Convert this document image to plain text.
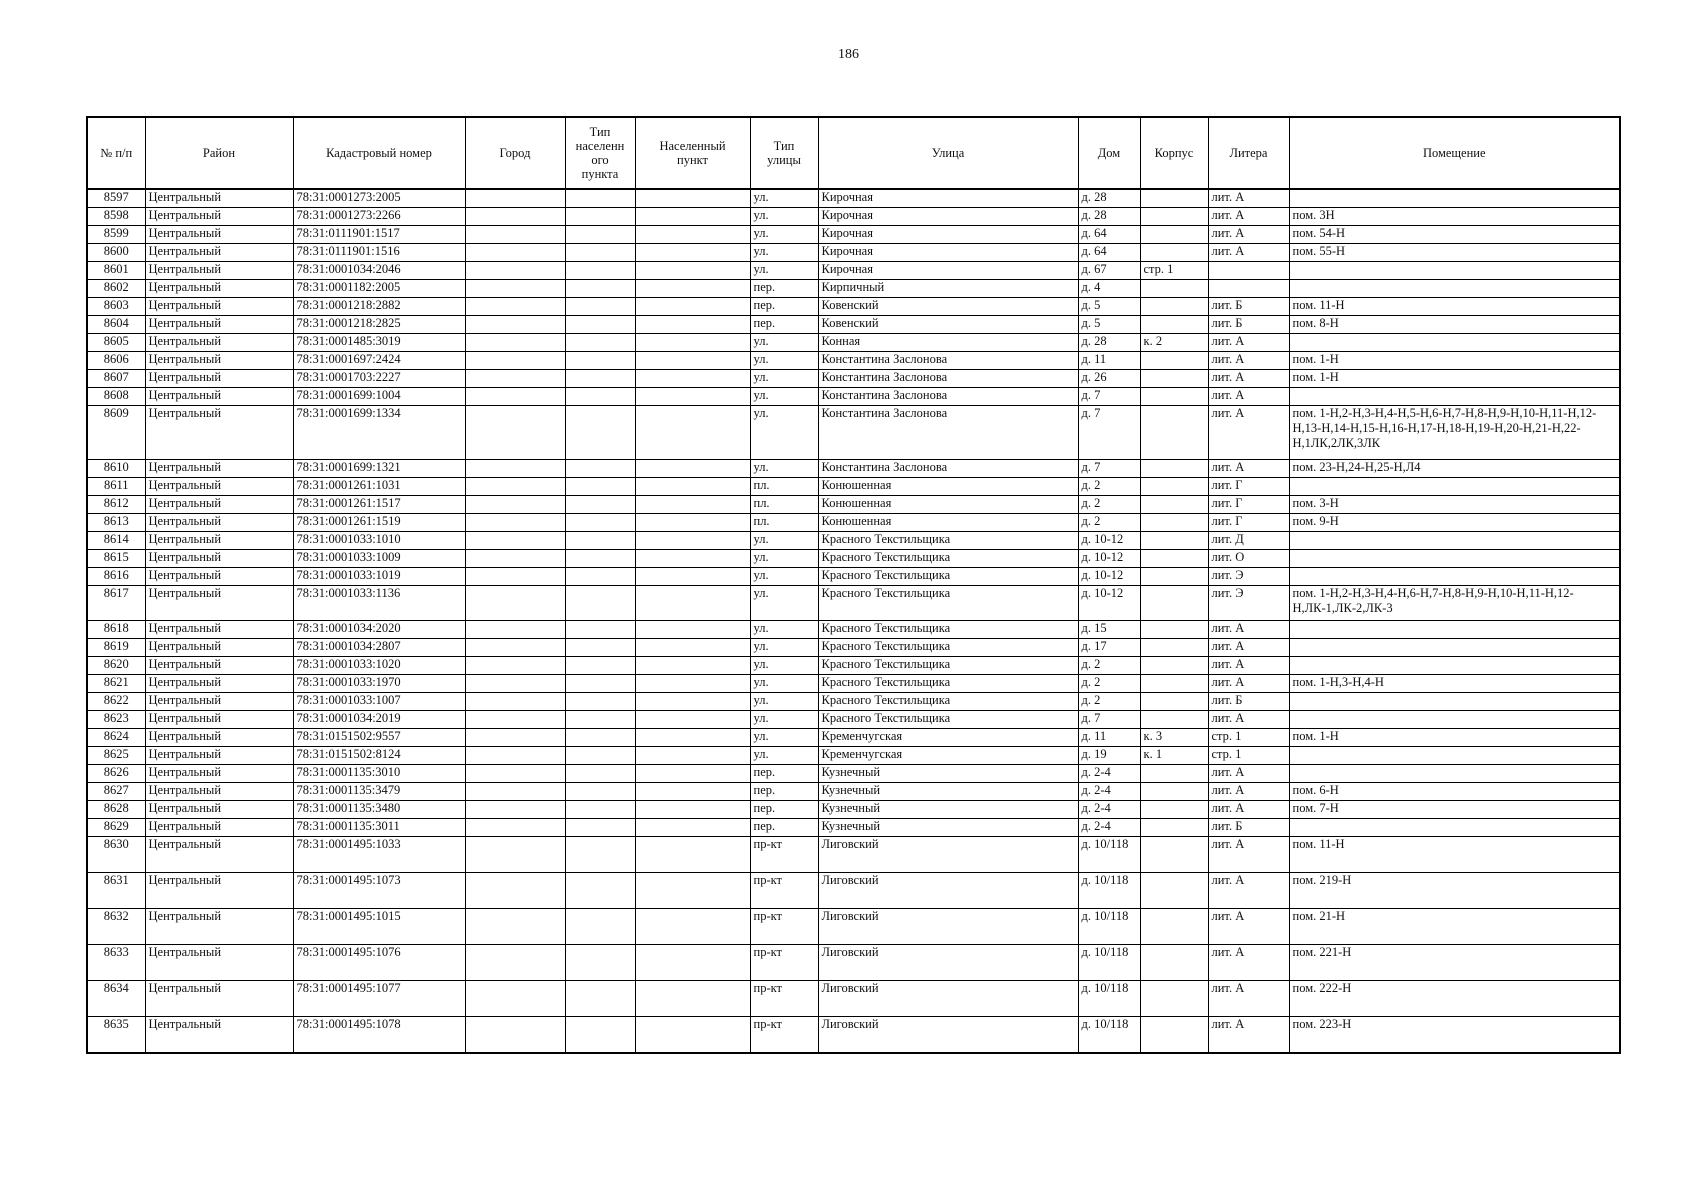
186
№ п/п	Район	Кадастровый номер	Город	Тип
населенн
ого
пункта	Населенный
пункт	Тип
улицы	Улица	Дом	Корпус	Литера	Помещение
8597	Центральный	78:31:0001273:2005				ул.	Кирочная	д. 28		лит. А	
8598	Центральный	78:31:0001273:2266				ул.	Кирочная	д. 28		лит. А	пом. 3Н
8599	Центральный	78:31:0111901:1517				ул.	Кирочная	д. 64		лит. А	пом. 54-Н
8600	Центральный	78:31:0111901:1516				ул.	Кирочная	д. 64		лит. А	пом. 55-Н
8601	Центральный	78:31:0001034:2046				ул.	Кирочная	д. 67	стр. 1		
8602	Центральный	78:31:0001182:2005				пер.	Кирпичный	д. 4			
8603	Центральный	78:31:0001218:2882				пер.	Ковенский	д. 5		лит. Б	пом. 11-Н
8604	Центральный	78:31:0001218:2825				пер.	Ковенский	д. 5		лит. Б	пом. 8-Н
8605	Центральный	78:31:0001485:3019				ул.	Конная	д. 28	к. 2	лит. А	
8606	Центральный	78:31:0001697:2424				ул.	Константина Заслонова	д. 11		лит. А	пом. 1-Н
8607	Центральный	78:31:0001703:2227				ул.	Константина Заслонова	д. 26		лит. А	пом. 1-Н
8608	Центральный	78:31:0001699:1004				ул.	Константина Заслонова	д. 7		лит. А	
8609	Центральный	78:31:0001699:1334				ул.	Константина Заслонова	д. 7		лит. А	пом. 1-Н,2-Н,3-Н,4-Н,5-Н,6-Н,7-Н,8-Н,9-Н,10-Н,11-Н,12-Н,13-Н,14-Н,15-Н,16-Н,17-Н,18-Н,19-Н,20-Н,21-Н,22-Н,1ЛК,2ЛК,3ЛК
8610	Центральный	78:31:0001699:1321				ул.	Константина Заслонова	д. 7		лит. А	пом. 23-Н,24-Н,25-Н,Л4
8611	Центральный	78:31:0001261:1031				пл.	Конюшенная	д. 2		лит. Г	
8612	Центральный	78:31:0001261:1517				пл.	Конюшенная	д. 2		лит. Г	пом. 3-Н
8613	Центральный	78:31:0001261:1519				пл.	Конюшенная	д. 2		лит. Г	пом. 9-Н
8614	Центральный	78:31:0001033:1010				ул.	Красного Текстильщика	д. 10-12		лит. Д	
8615	Центральный	78:31:0001033:1009				ул.	Красного Текстильщика	д. 10-12		лит. О	
8616	Центральный	78:31:0001033:1019				ул.	Красного Текстильщика	д. 10-12		лит. Э	
8617	Центральный	78:31:0001033:1136				ул.	Красного Текстильщика	д. 10-12		лит. Э	пом. 1-Н,2-Н,3-Н,4-Н,6-Н,7-Н,8-Н,9-Н,10-Н,11-Н,12-Н,ЛК-1,ЛК-2,ЛК-3
8618	Центральный	78:31:0001034:2020				ул.	Красного Текстильщика	д. 15		лит. А	
8619	Центральный	78:31:0001034:2807				ул.	Красного Текстильщика	д. 17		лит. А	
8620	Центральный	78:31:0001033:1020				ул.	Красного Текстильщика	д. 2		лит. А	
8621	Центральный	78:31:0001033:1970				ул.	Красного Текстильщика	д. 2		лит. А	пом. 1-Н,3-Н,4-Н
8622	Центральный	78:31:0001033:1007				ул.	Красного Текстильщика	д. 2		лит. Б	
8623	Центральный	78:31:0001034:2019				ул.	Красного Текстильщика	д. 7		лит. А	
8624	Центральный	78:31:0151502:9557				ул.	Кременчугская	д. 11	к. 3	стр. 1	пом. 1-Н
8625	Центральный	78:31:0151502:8124				ул.	Кременчугская	д. 19	к. 1	стр. 1	
8626	Центральный	78:31:0001135:3010				пер.	Кузнечный	д. 2-4		лит. А	
8627	Центральный	78:31:0001135:3479				пер.	Кузнечный	д. 2-4		лит. А	пом. 6-Н
8628	Центральный	78:31:0001135:3480				пер.	Кузнечный	д. 2-4		лит. А	пом. 7-Н
8629	Центральный	78:31:0001135:3011				пер.	Кузнечный	д. 2-4		лит. Б	
8630	Центральный	78:31:0001495:1033				пр-кт	Лиговский	д. 10/118		лит. А	пом. 11-Н
8631	Центральный	78:31:0001495:1073				пр-кт	Лиговский	д. 10/118		лит. А	пом. 219-Н
8632	Центральный	78:31:0001495:1015				пр-кт	Лиговский	д. 10/118		лит. А	пом. 21-Н
8633	Центральный	78:31:0001495:1076				пр-кт	Лиговский	д. 10/118		лит. А	пом. 221-Н
8634	Центральный	78:31:0001495:1077				пр-кт	Лиговский	д. 10/118		лит. А	пом. 222-Н
8635	Центральный	78:31:0001495:1078				пр-кт	Лиговский	д. 10/118		лит. А	пом. 223-Н
